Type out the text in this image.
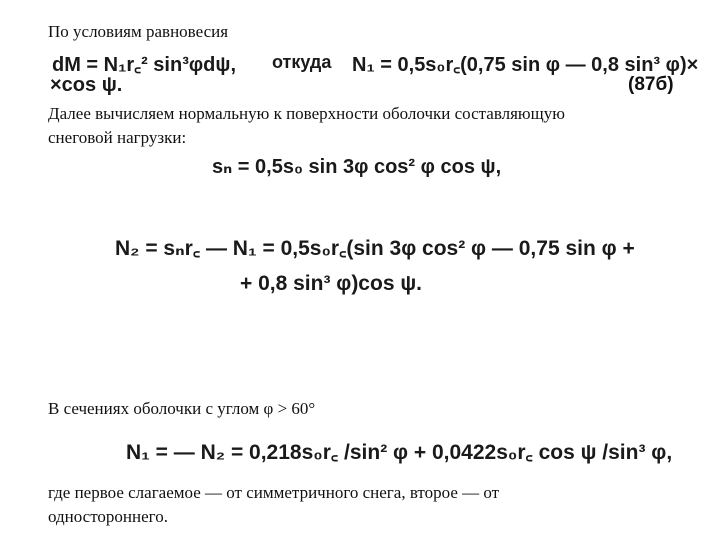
По условиям равновесия
dM = N₁r꜀² sin³φdψ, откуда N₁ = 0,5s₀r꜀(0,75 sin φ — 0,8 sin³ φ)×
×cos ψ.	(87б)
Далее вычисляем нормальную к поверхности оболочки составляющую
снеговой нагрузки:
sₙ = 0,5s₀ sin 3φ cos² φ cos ψ,
N₂ = sₙr꜀ — N₁ = 0,5s₀r꜀(sin 3φ cos² φ — 0,75 sin φ +
+ 0,8 sin³ φ)cos ψ.
В сечениях оболочки с углом φ > 60°
N₁ = — N₂ = 0,218s₀r꜀ /sin² φ + 0,0422s₀r꜀ cos ψ /sin³ φ,
где первое слагаемое — от симметричного снега, второе — от
одностороннего.
